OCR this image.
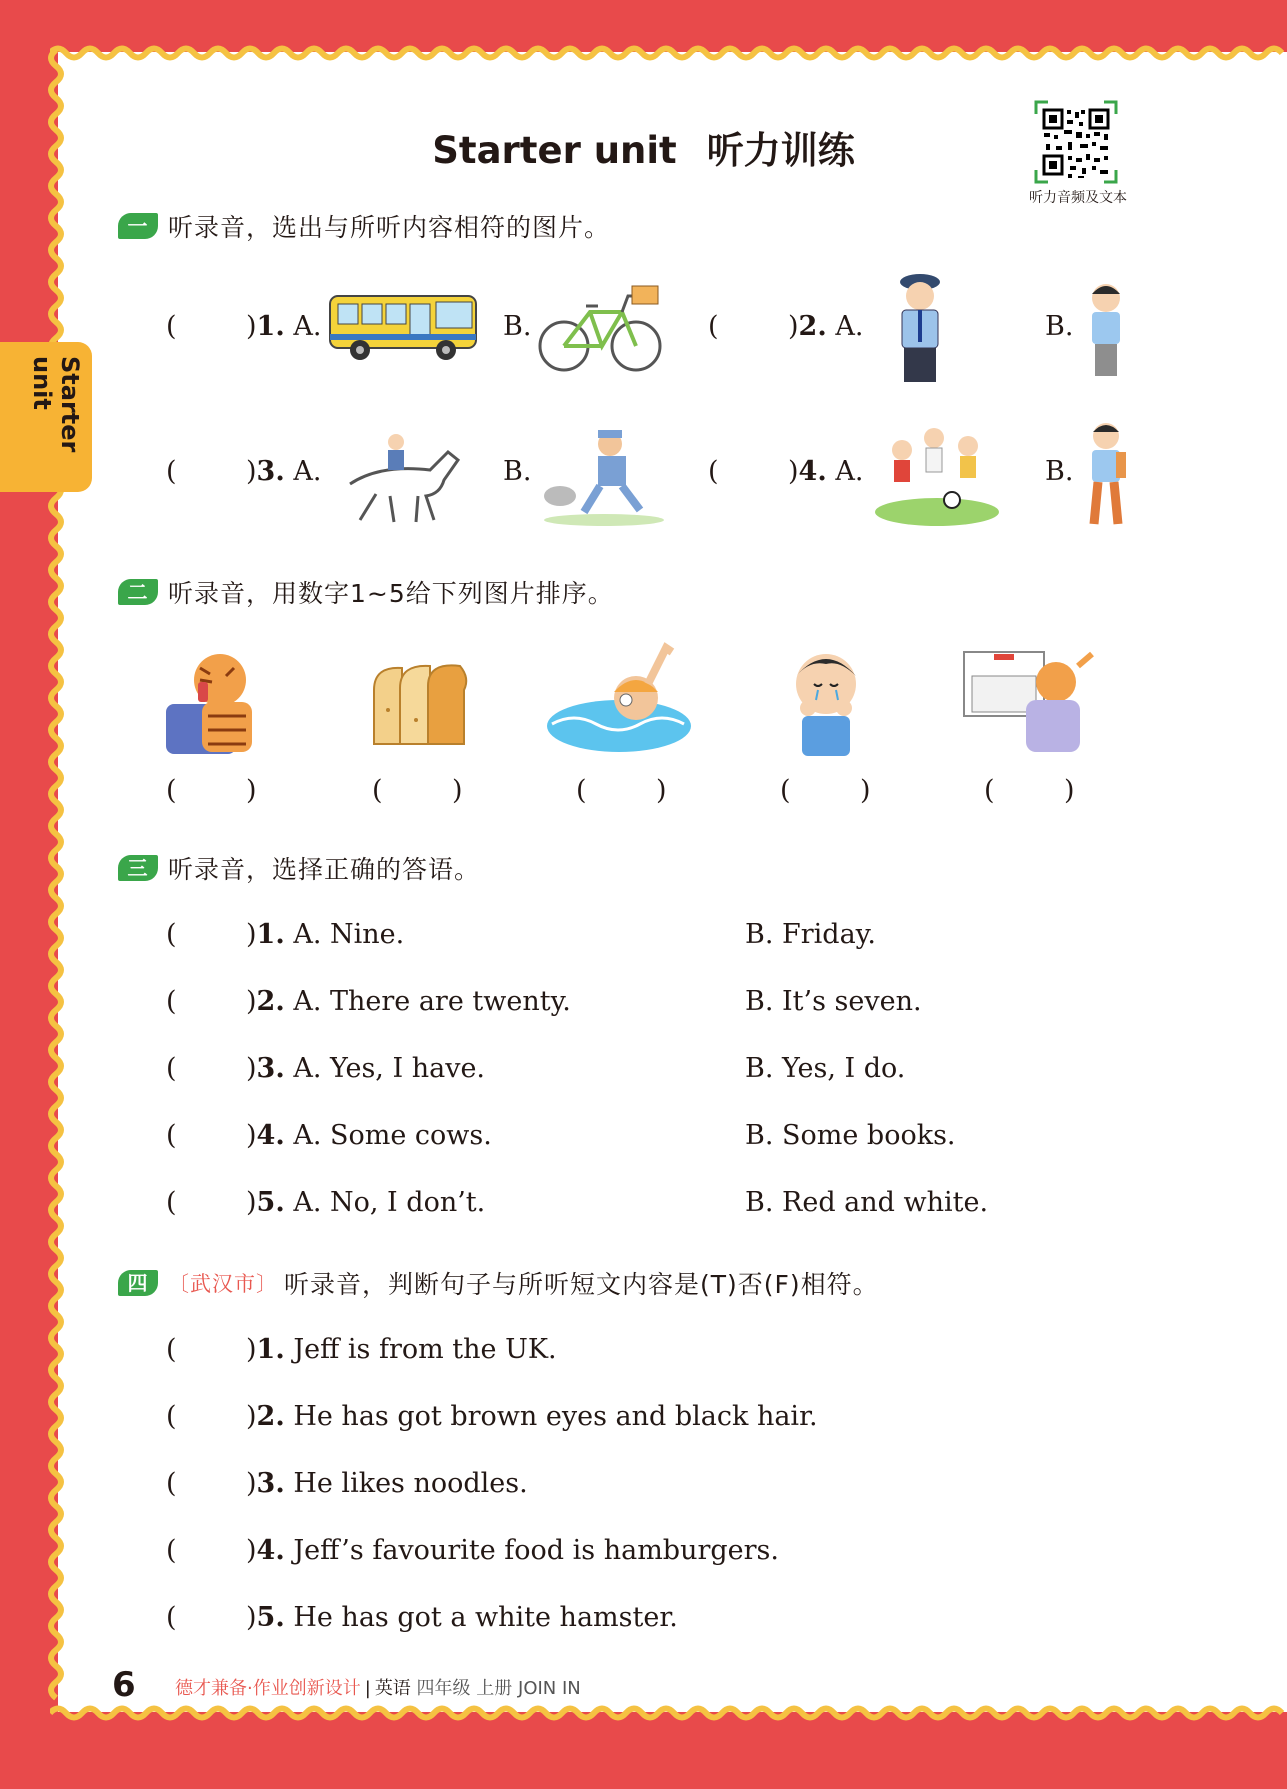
Starter unit
Starter unit 听力训练
听力音频及文本
一 听录音，选出与所听内容相符的图片。
(	)1. A.	B.	(	)2. A.	B.
(	)3. A.	B.	(	)4. A.	B.
二 听录音，用数字1~5给下列图片排序。
(	)	(	)	(	)	(	)	(	)
三 听录音，选择正确的答语。
(	)1. A. Nine.	B. Friday.
(	)2. A. There are twenty.	B. It’s seven.
(	)3. A. Yes, I have.	B. Yes, I do.
(	)4. A. Some cows.	B. Some books.
(	)5. A. No, I don’t.	B. Red and white.
四 〔武汉市〕 听录音，判断句子与所听短文内容是(T)否(F)相符。
(	)1. Jeff is from the UK.
(	)2. He has got brown eyes and black hair.
(	)3. He likes noodles.
(	)4. Jeff’s favourite food is hamburgers.
(	)5. He has got a white hamster.
6 德才兼备·作业创新设计 | 英语 四年级 上册 JOIN IN
